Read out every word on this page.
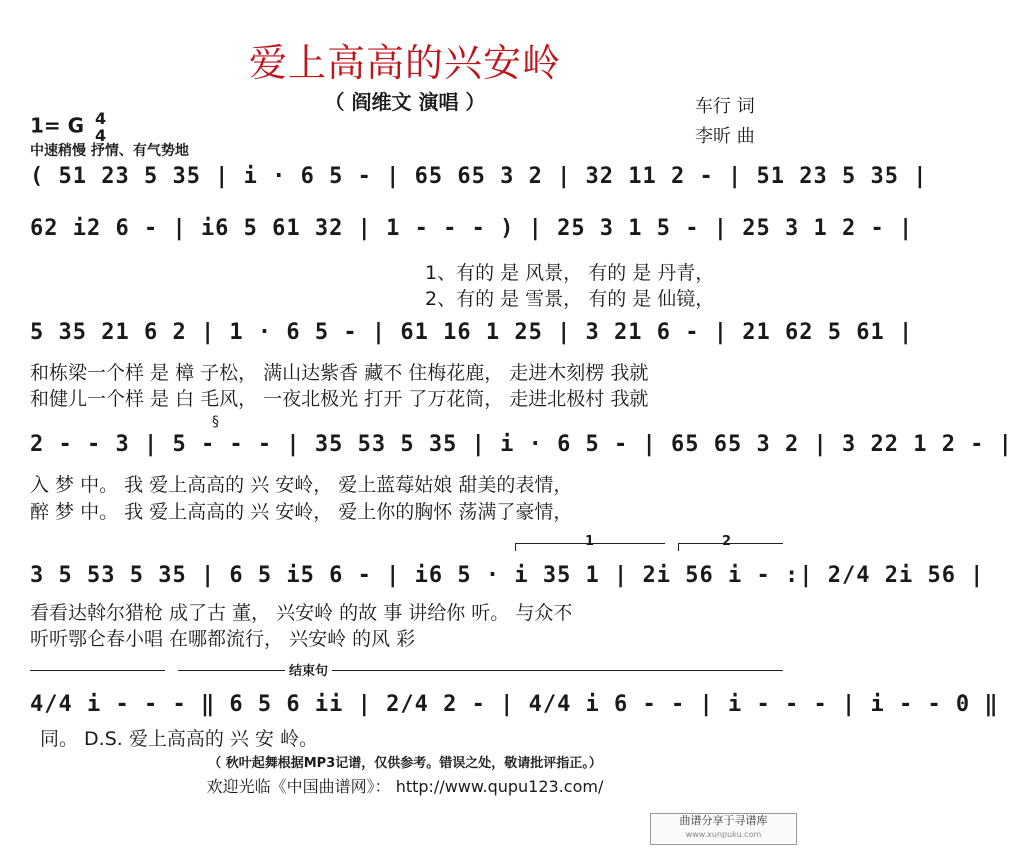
爱上高高的兴安岭
（ 阎维文 演唱 ）	车行 词
李昕 曲
1= G 4
4
中速稍慢 抒情、有气势地
( 51 23 5 35 | i · 6 5 - | 65 65 3 2 | 32 11 2 - | 51 23 5 35 |
62 i2 6 - | i6 5 61 32 | 1 - - - ) | 25 3 1 5 - | 25 3 1 2 - |
1、有的 是 风景， 有的 是 丹青，
2、有的 是 雪景， 有的 是 仙镜，
5 35 21 6 2 | 1 · 6 5 - | 61 16 1 25 | 3 21 6 - | 21 62 5 61 |
和栋梁一个样 是 樟 子松， 满山达紫香 藏不 住梅花鹿， 走进木刻楞 我就
和健儿一个样 是 白 毛风， 一夜北极光 打开 了万花筒， 走进北极村 我就
§
2 - - 3 | 5 - - - | 35 53 5 35 | i · 6 5 - | 65 65 3 2 | 3 22 1 2 - |
入 梦 中。 我 爱上高高的 兴 安岭， 爱上蓝莓姑娘 甜美的表情，
醉 梦 中。 我 爱上高高的 兴 安岭， 爱上你的胸怀 荡满了豪情，
1	2
3 5 53 5 35 | 6 5 i5 6 - | i6 5 · i 35 1 | 2i 56 i - :| 2/4 2i 56 |
看看达斡尔猎枪 成了古 董， 兴安岭 的故 事 讲给你 听。 与众不
听听鄂仑春小唱 在哪都流行， 兴安岭 的风 彩
结束句
4/4 i - - - ‖ 6 5 6 ii | 2/4 2 - | 4/4 i 6 - - | i - - - | i - - 0 ‖
同。 D.S. 爱上高高的 兴 安 岭。
（ 秋叶起舞根据MP3记谱，仅供参考。错误之处，敬请批评指正。）
欢迎光临《中国曲谱网》： http://www.qupu123.com/
曲谱分享于寻谱库
www.xunpuku.com
